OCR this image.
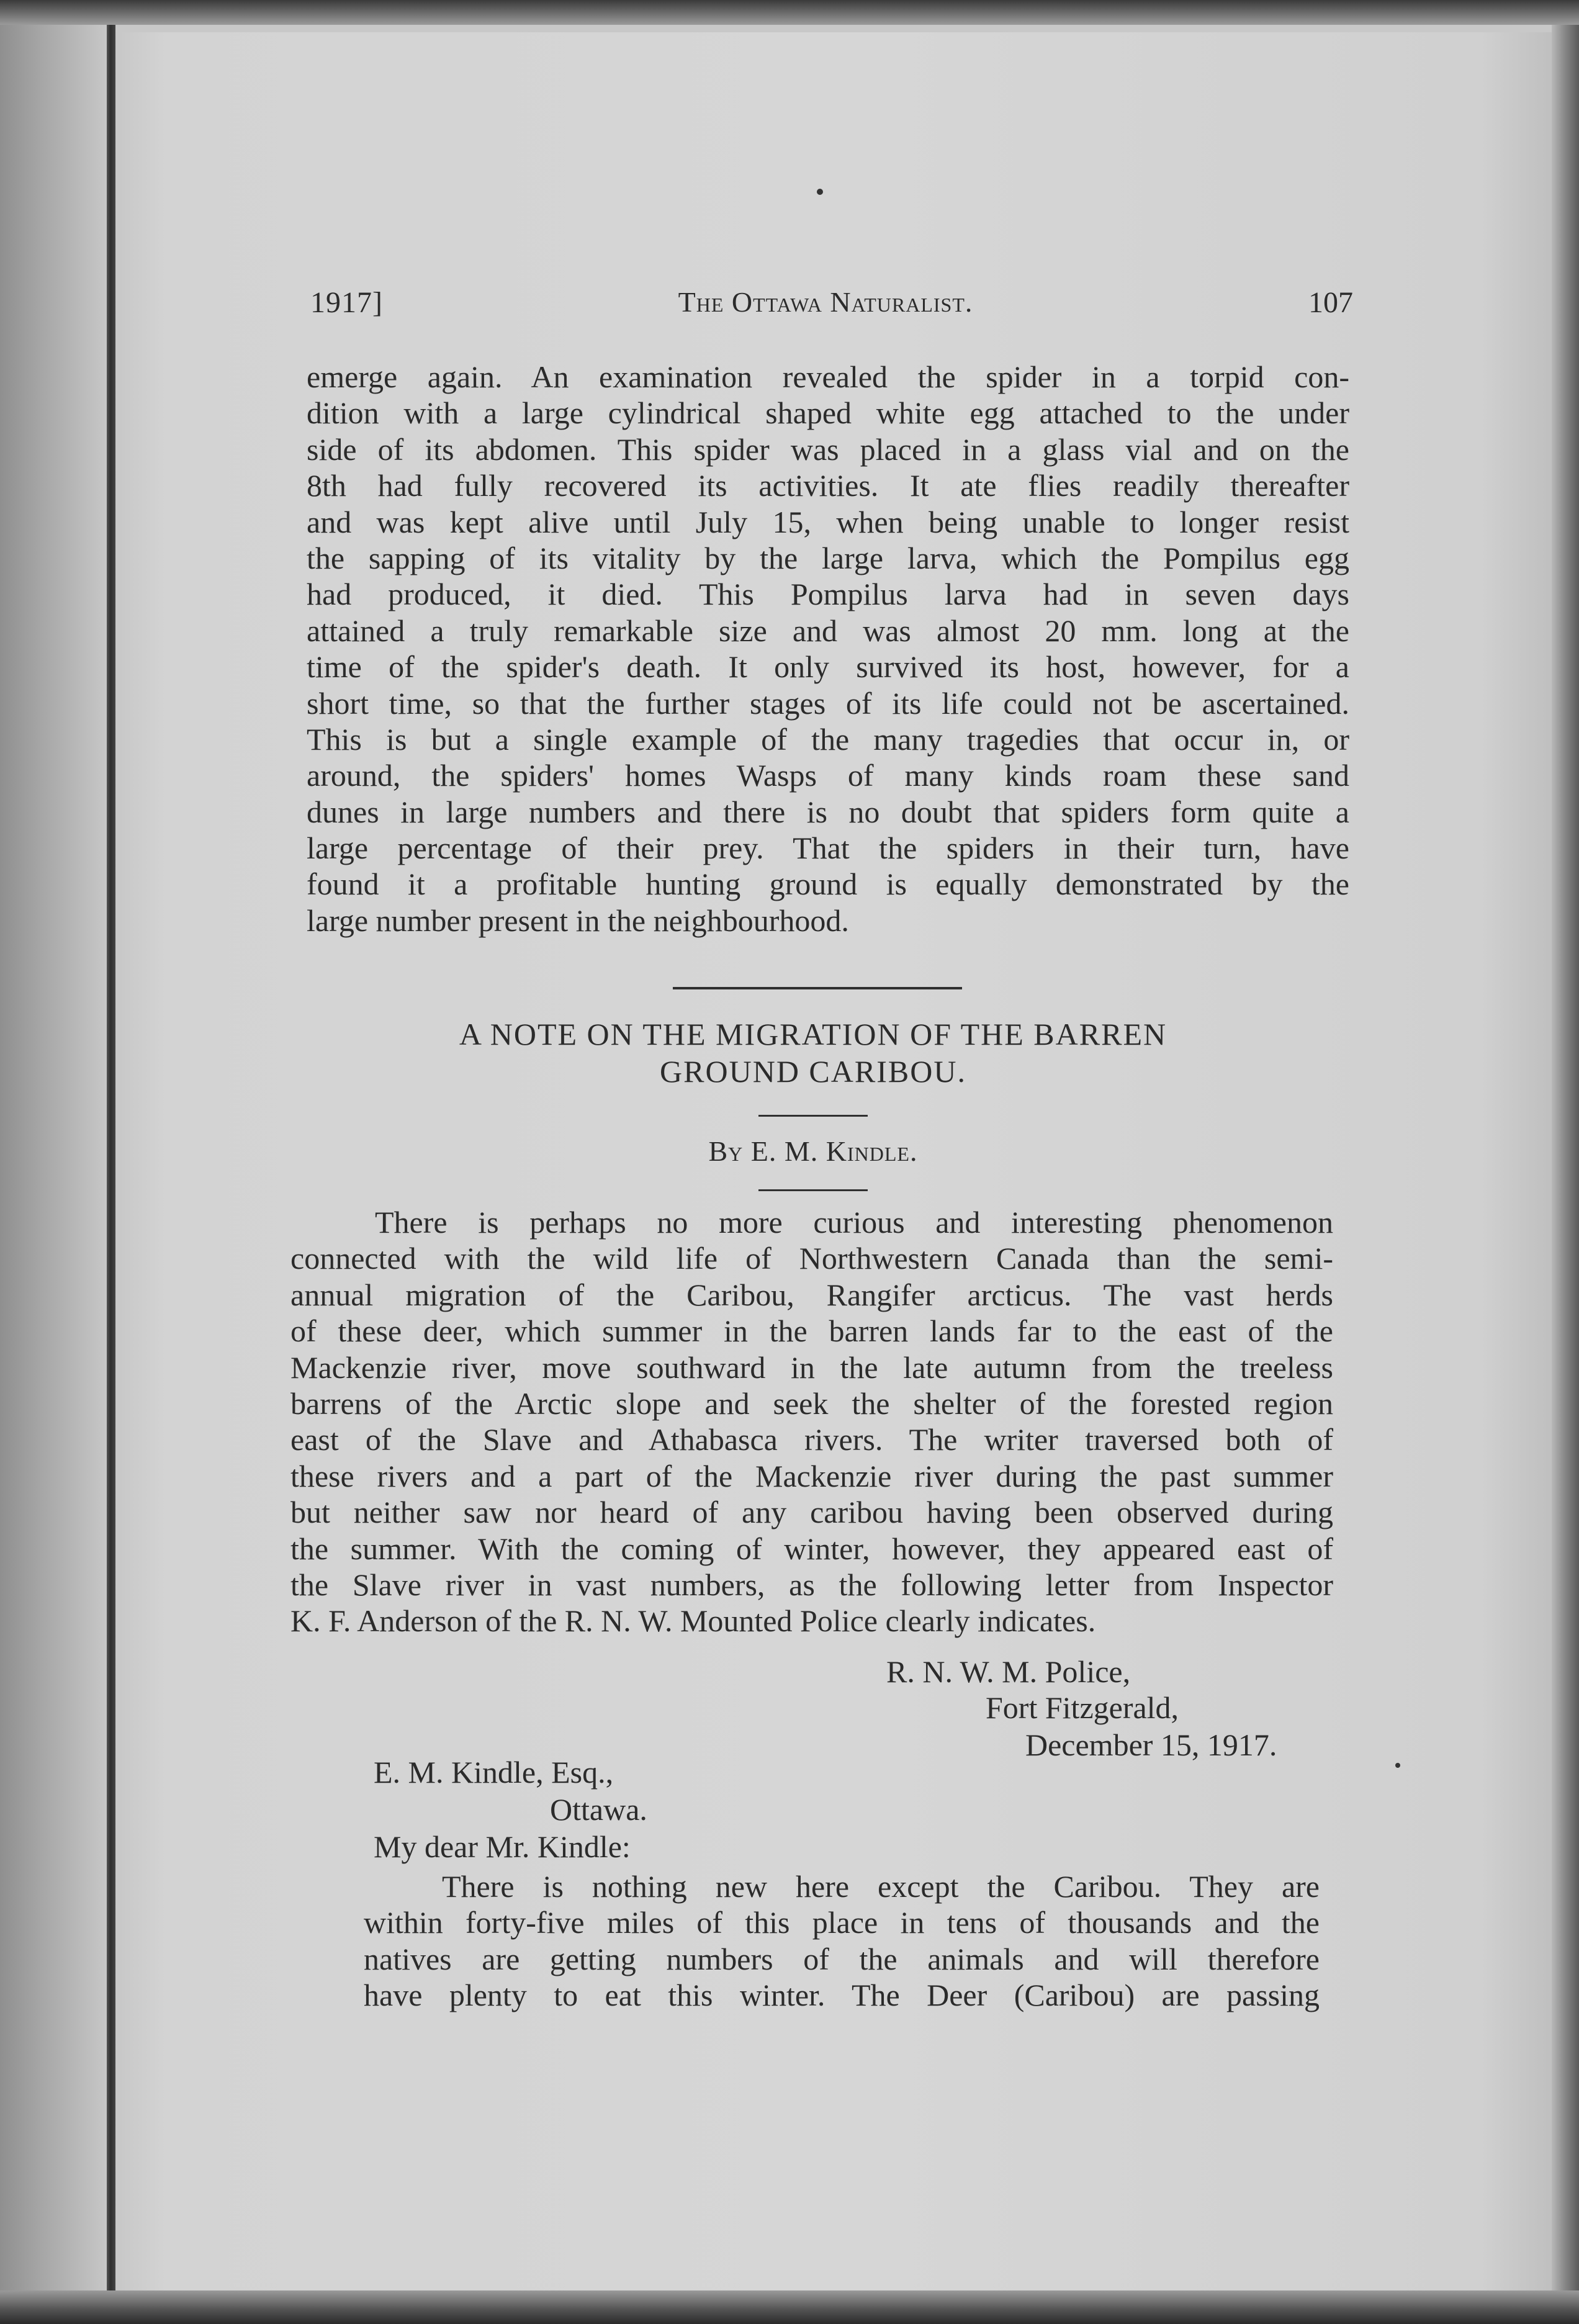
1917]	The Ottawa Naturalist.	107
emerge again. An examination revealed the spider in a torpid con-
dition with a large cylindrical shaped white egg attached to the under
side of its abdomen. This spider was placed in a glass vial and on the
8th had fully recovered its activities. It ate flies readily thereafter
and was kept alive until July 15, when being unable to longer resist
the sapping of its vitality by the large larva, which the Pompilus egg
had produced, it died. This Pompilus larva had in seven days
attained a truly remarkable size and was almost 20 mm. long at the
time of the spider's death. It only survived its host, however, for a
short time, so that the further stages of its life could not be ascertained.
This is but a single example of the many tragedies that occur in, or
around, the spiders' homes Wasps of many kinds roam these sand
dunes in large numbers and there is no doubt that spiders form quite a
large percentage of their prey. That the spiders in their turn, have
found it a profitable hunting ground is equally demonstrated by the
large number present in the neighbourhood.
A NOTE ON THE MIGRATION OF THE BARREN
GROUND CARIBOU.
By E. M. Kindle.
There is perhaps no more curious and interesting phenomenon
connected with the wild life of Northwestern Canada than the semi-
annual migration of the Caribou, Rangifer arcticus. The vast herds
of these deer, which summer in the barren lands far to the east of the
Mackenzie river, move southward in the late autumn from the treeless
barrens of the Arctic slope and seek the shelter of the forested region
east of the Slave and Athabasca rivers. The writer traversed both of
these rivers and a part of the Mackenzie river during the past summer
but neither saw nor heard of any caribou having been observed during
the summer. With the coming of winter, however, they appeared east of
the Slave river in vast numbers, as the following letter from Inspector
K. F. Anderson of the R. N. W. Mounted Police clearly indicates.
R. N. W. M. Police,
Fort Fitzgerald,
December 15, 1917.
E. M. Kindle, Esq.,
Ottawa.
My dear Mr. Kindle:
There is nothing new here except the Caribou. They are
within forty-five miles of this place in tens of thousands and the
natives are getting numbers of the animals and will therefore
have plenty to eat this winter. The Deer (Caribou) are passing
